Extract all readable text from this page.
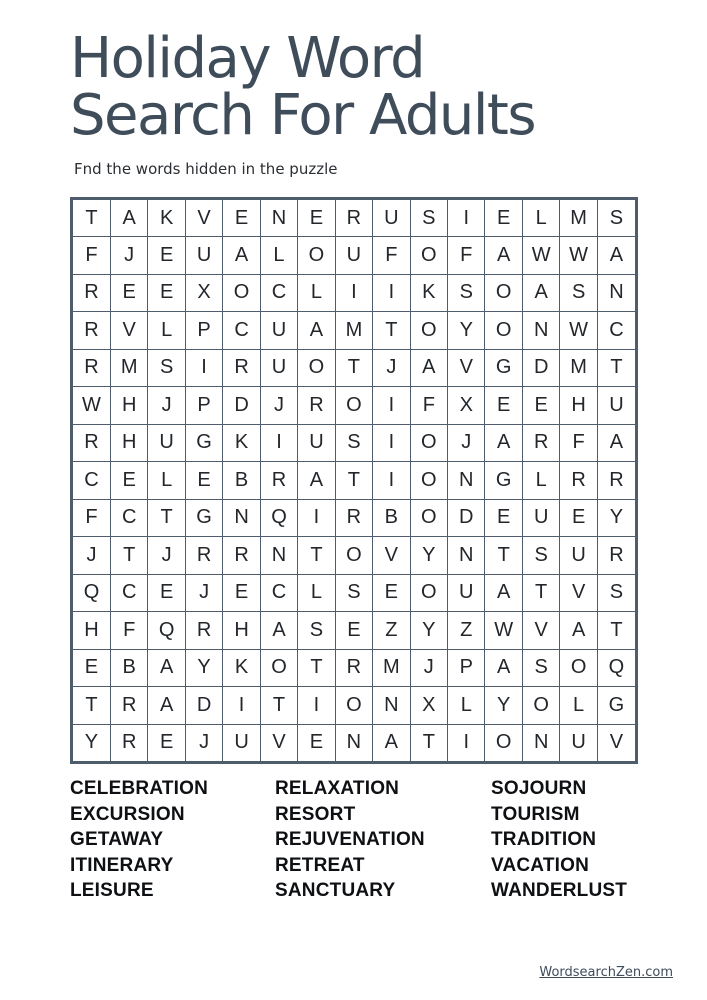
Holiday Word
Search For Adults
Fnd the words hidden in the puzzle
T	A	K	V	E	N	E	R	U	S	I	E	L	M	S
F	J	E	U	A	L	O	U	F	O	F	A	W	W	A
R	E	E	X	O	C	L	I	I	K	S	O	A	S	N
R	V	L	P	C	U	A	M	T	O	Y	O	N	W	C
R	M	S	I	R	U	O	T	J	A	V	G	D	M	T
W	H	J	P	D	J	R	O	I	F	X	E	E	H	U
R	H	U	G	K	I	U	S	I	O	J	A	R	F	A
C	E	L	E	B	R	A	T	I	O	N	G	L	R	R
F	C	T	G	N	Q	I	R	B	O	D	E	U	E	Y
J	T	J	R	R	N	T	O	V	Y	N	T	S	U	R
Q	C	E	J	E	C	L	S	E	O	U	A	T	V	S
H	F	Q	R	H	A	S	E	Z	Y	Z	W	V	A	T
E	B	A	Y	K	O	T	R	M	J	P	A	S	O	Q
T	R	A	D	I	T	I	O	N	X	L	Y	O	L	G
Y	R	E	J	U	V	E	N	A	T	I	O	N	U	V
CELEBRATION
EXCURSION
GETAWAY
ITINERARY
LEISURE
RELAXATION
RESORT
REJUVENATION
RETREAT
SANCTUARY
SOJOURN
TOURISM
TRADITION
VACATION
WANDERLUST
WordsearchZen.com
